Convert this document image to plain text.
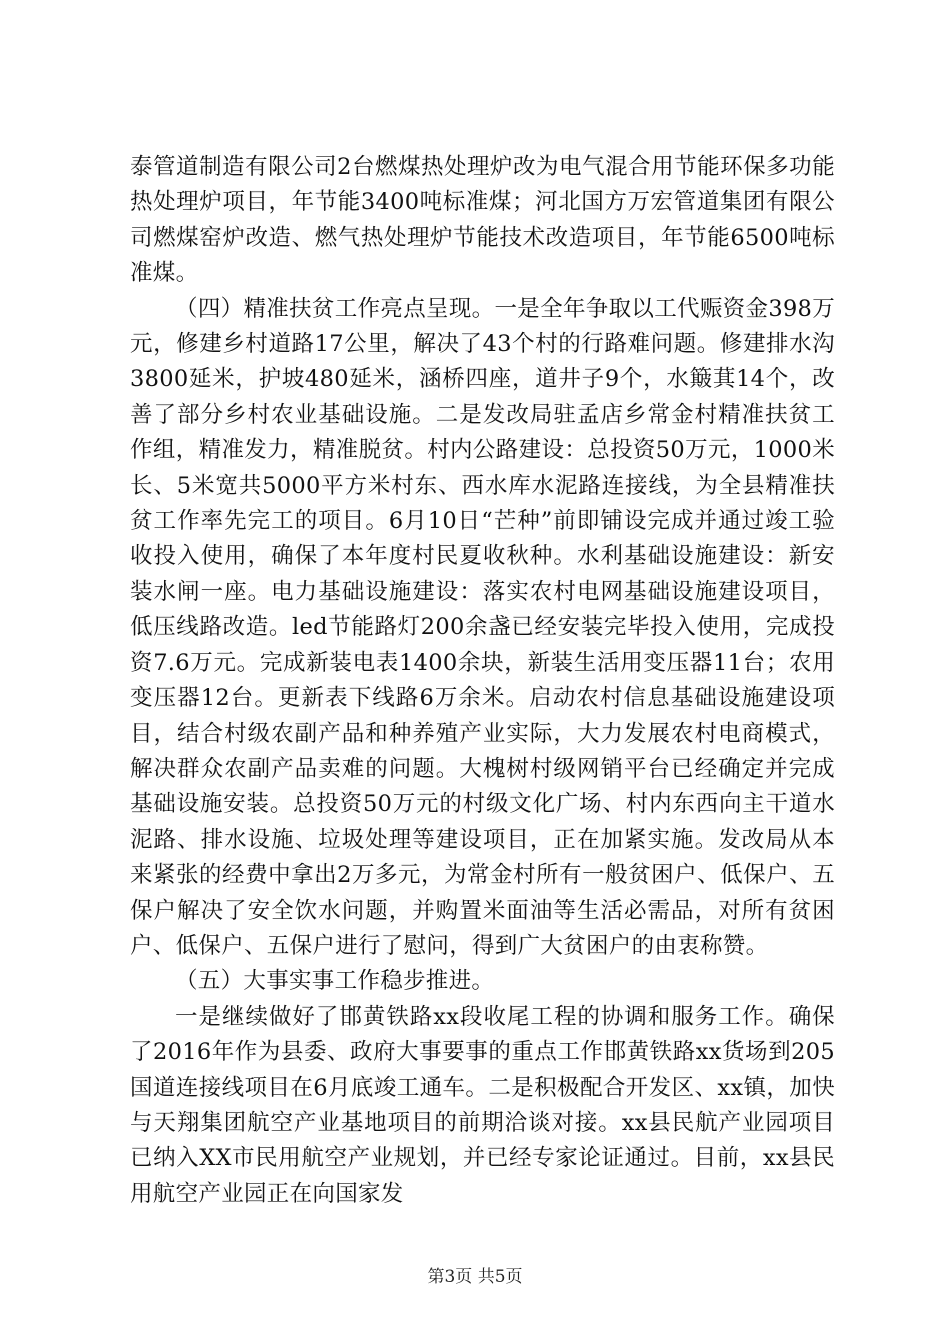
泰管道制造有限公司2台燃煤热处理炉改为电气混合用节能环保多功能热处理炉项目，年节能3400吨标准煤；河北国方万宏管道集团有限公司燃煤窑炉改造、燃气热处理炉节能技术改造项目，年节能6500吨标准煤。

（四）精准扶贫工作亮点呈现。一是全年争取以工代赈资金398万元，修建乡村道路17公里，解决了43个村的行路难问题。修建排水沟3800延米，护坡480延米，涵桥四座，道井子9个，水簸萁14个，改善了部分乡村农业基础设施。二是发改局驻孟店乡常金村精准扶贫工作组，精准发力，精准脱贫。村内公路建设：总投资50万元，1000米长、5米宽共5000平方米村东、西水库水泥路连接线，为全县精准扶贫工作率先完工的项目。6月10日“芒种”前即铺设完成并通过竣工验收投入使用，确保了本年度村民夏收秋种。水利基础设施建设：新安装水闸一座。电力基础设施建设：落实农村电网基础设施建设项目，低压线路改造。led节能路灯200余盏已经安装完毕投入使用，完成投资7.6万元。完成新装电表1400余块，新装生活用变压器11台；农用变压器12台。更新表下线路6万余米。启动农村信息基础设施建设项目，结合村级农副产品和种养殖产业实际，大力发展农村电商模式，解决群众农副产品卖难的问题。大槐树村级网销平台已经确定并完成基础设施安装。总投资50万元的村级文化广场、村内东西向主干道水泥路、排水设施、垃圾处理等建设项目，正在加紧实施。发改局从本来紧张的经费中拿出2万多元，为常金村所有一般贫困户、低保户、五保户解决了安全饮水问题，并购置米面油等生活必需品，对所有贫困户、低保户、五保户进行了慰问，得到广大贫困户的由衷称赞。

（五）大事实事工作稳步推进。

一是继续做好了邯黄铁路xx段收尾工程的协调和服务工作。确保了2016年作为县委、政府大事要事的重点工作邯黄铁路xx货场到205国道连接线项目在6月底竣工通车。二是积极配合开发区、xx镇，加快与天翔集团航空产业基地项目的前期洽谈对接。xx县民航产业园项目已纳入XX市民用航空产业规划，并已经专家论证通过。目前，xx县民用航空产业园正在向国家发

第3页 共5页
